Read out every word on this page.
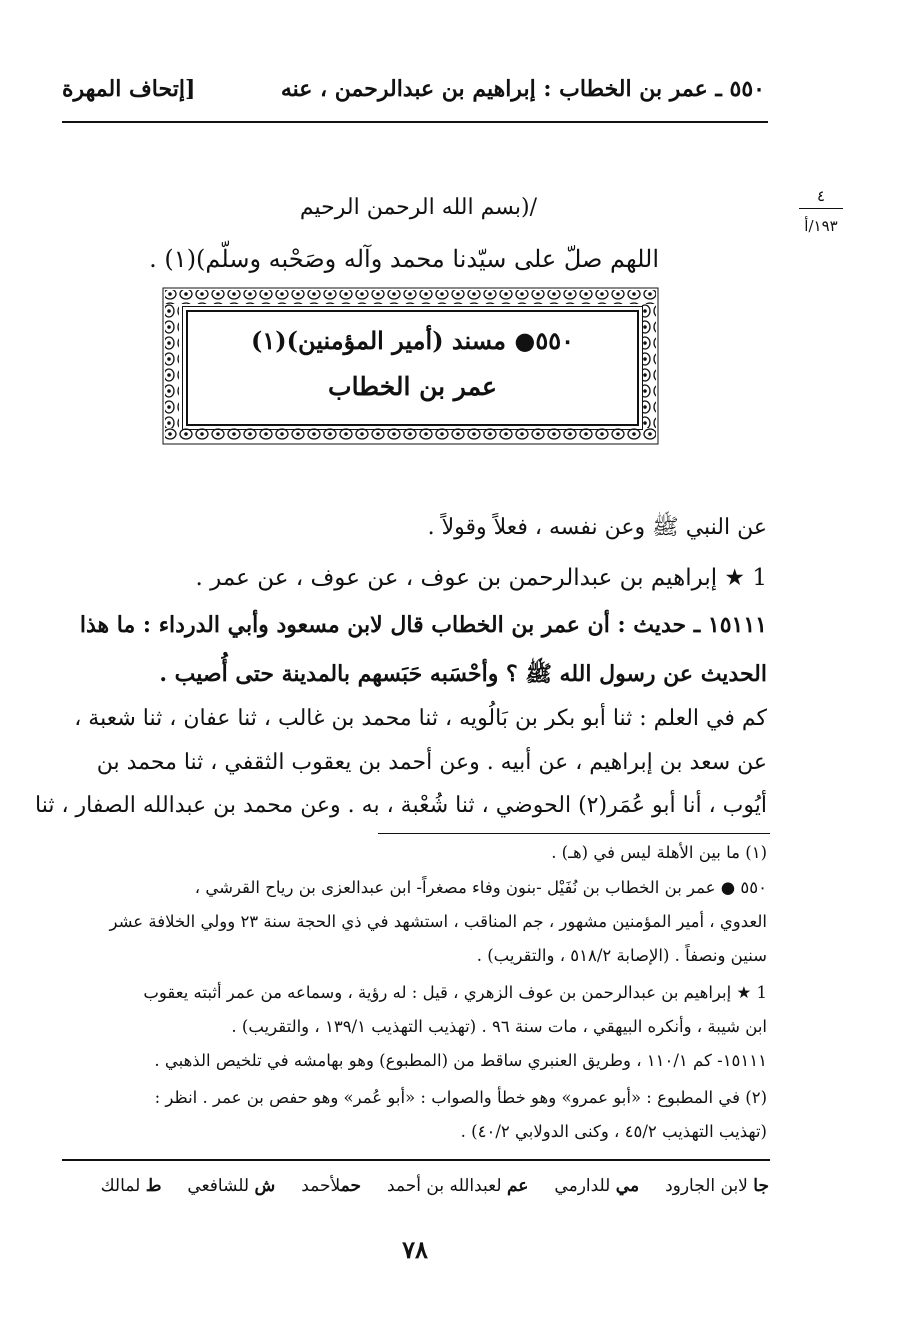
[إتحاف المهرة	٥٥٠ ـ عمر بن الخطاب : إبراهيم بن عبدالرحمن ، عنه
٤
١٩٣/أ
/(بسم الله الرحمن الرحيم
اللهم صلّ على سيّدنا محمد وآله وصَحْبه وسلّم)(١) .
٥٥٠● مسند (أمير المؤمنين)(١)
عمر بن الخطاب
عن النبي ﷺ وعن نفسه ، فعلاً وقولاً .
1 ★ إبراهيم بن عبدالرحمن بن عوف ، عن عوف ، عن عمر .
١٥١١١ ـ حديث : أن عمر بن الخطاب قال لابن مسعود وأبي الدرداء : ما هذا
الحديث عن رسول الله ﷺ ؟ وأحْسَبه حَبَسهم بالمدينة حتى أُصيب .
كم في العلم : ثنا أبو بكر بن بَالُويه ، ثنا محمد بن غالب ، ثنا عفان ، ثنا شعبة ،
عن سعد بن إبراهيم ، عن أبيه . وعن أحمد بن يعقوب الثقفي ، ثنا محمد بن
أيُوب ، أنا أبو عُمَر(٢) الحوضي ، ثنا شُعْبة ، به . وعن محمد بن عبدالله الصفار ، ثنا
(١) ما بين الأهلة ليس في (هـ) .
٥٥٠ ● عمر بن الخطاب بن نُفَيْل -بنون وفاء مصغراً- ابن عبدالعزى بن رياح القرشي ،
العدوي ، أمير المؤمنين مشهور ، جم المناقب ، استشهد في ذي الحجة سنة ٢٣ وولي الخلافة عشر
سنين ونصفاً . (الإصابة ٥١٨/٢ ، والتقريب) .
1 ★ إبراهيم بن عبدالرحمن بن عوف الزهري ، قيل : له رؤية ، وسماعه من عمر أثبته يعقوب
ابن شيبة ، وأنكره البيهقي ، مات سنة ٩٦ . (تهذيب التهذيب ١٣٩/١ ، والتقريب) .
١٥١١١- كم ١١٠/١ ، وطريق العنبري ساقط من (المطبوع) وهو بهامشه في تلخيص الذهبي .
(٢) في المطبوع : «أبو عمرو» وهو خطأ والصواب : «أبو عُمر» وهو حفص بن عمر . انظر :
(تهذيب التهذيب ٤٥/٢ ، وكنى الدولابي ٤٠/٢) .
ط لمالك	ش للشافعي	حملأحمد	عم لعبدالله بن أحمد	مي للدارمي	جا لابن الجارود
٧٨
